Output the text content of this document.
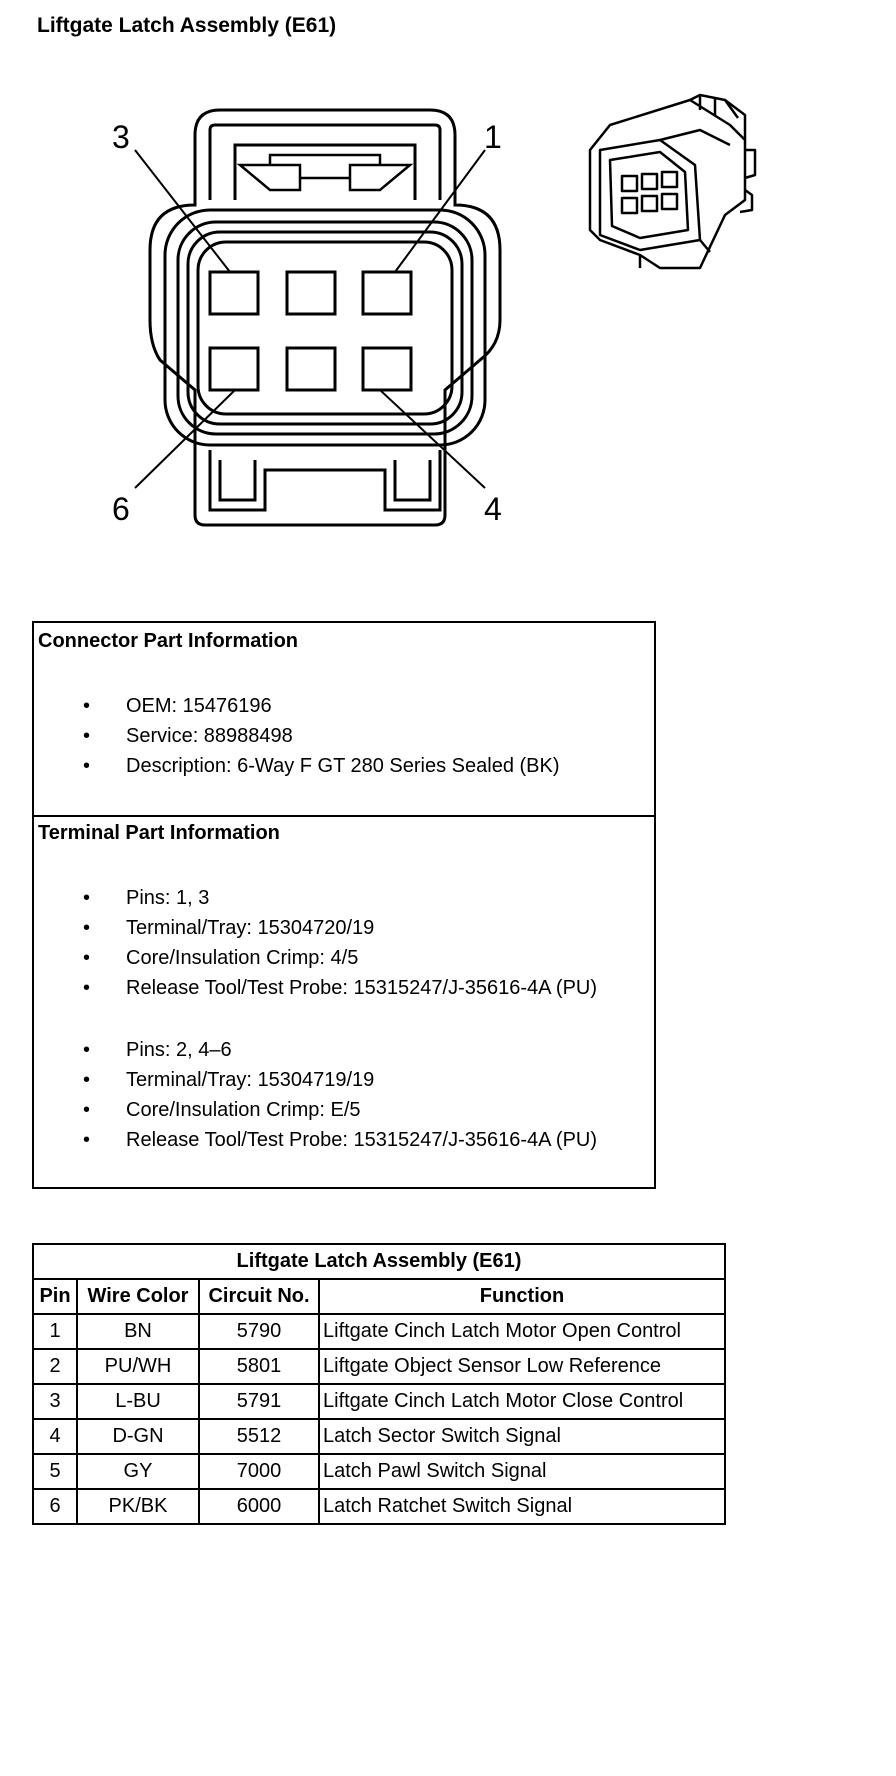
Liftgate Latch Assembly (E61)
3	1
6	4
Connector Part Information
• OEM: 15476196
• Service: 88988498
• Description: 6-Way F GT 280 Series Sealed (BK)
Terminal Part Information
• Pins: 1, 3
• Terminal/Tray: 15304720/19
• Core/Insulation Crimp: 4/5
• Release Tool/Test Probe: 15315247/J-35616-4A (PU)
• Pins: 2, 4–6
• Terminal/Tray: 15304719/19
• Core/Insulation Crimp: E/5
• Release Tool/Test Probe: 15315247/J-35616-4A (PU)
Liftgate Latch Assembly (E61)			
Pin	Wire Color	Circuit No.	Function
1	BN	5790	Liftgate Cinch Latch Motor Open Control
2	PU/WH	5801	Liftgate Object Sensor Low Reference
3	L-BU	5791	Liftgate Cinch Latch Motor Close Control
4	D-GN	5512	Latch Sector Switch Signal
5	GY	7000	Latch Pawl Switch Signal
6	PK/BK	6000	Latch Ratchet Switch Signal
